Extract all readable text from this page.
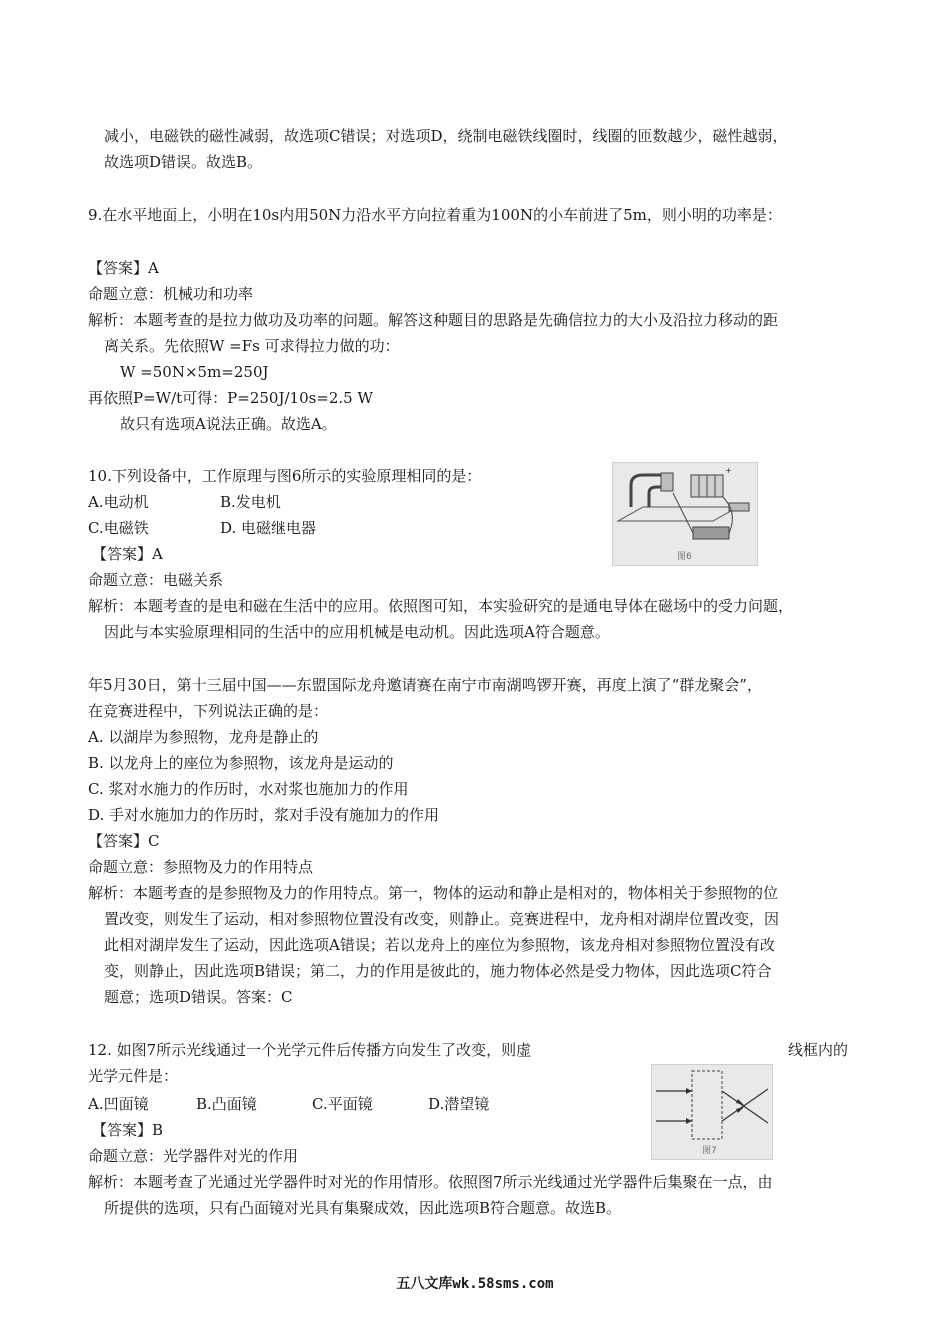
减小，电磁铁的磁性减弱，故选项C错误；对选项D，绕制电磁铁线圈时，线圈的匝数越少，磁性越弱，
故选项D错误。故选B。
9.在水平地面上，小明在10s内用50N力沿水平方向拉着重为100N的小车前进了5m，则小明的功率是：
【答案】A
命题立意：机械功和功率
解析：本题考查的是拉力做功及功率的问题。解答这种题目的思路是先确信拉力的大小及沿拉力移动的距
离关系。先依照W =Fs 可求得拉力做的功：
W =50N×5m=250J
再依照P=W/t可得：P=250J/10s=2.5 W
故只有选项A说法正确。故选A。
10.下列设备中，工作原理与图6所示的实验原理相同的是：
A.电动机	B.发电机
C.电磁铁	D. 电磁继电器
【答案】A
命题立意：电磁关系
解析：本题考查的是电和磁在生活中的应用。依照图可知，本实验研究的是通电导体在磁场中的受力问题，
因此与本实验原理相同的生活中的应用机械是电动机。因此选项A符合题意。
+
图6
年5月30日，第十三届中国——东盟国际龙舟邀请赛在南宁市南湖鸣锣开赛，再度上演了“群龙聚会”，
在竞赛进程中，下列说法正确的是：
A. 以湖岸为参照物，龙舟是静止的
B. 以龙舟上的座位为参照物，该龙舟是运动的
C. 浆对水施力的作历时，水对浆也施加力的作用
D. 手对水施加力的作历时，浆对手没有施加力的作用
【答案】C
命题立意：参照物及力的作用特点
解析：本题考查的是参照物及力的作用特点。第一，物体的运动和静止是相对的，物体相关于参照物的位
置改变，则发生了运动，相对参照物位置没有改变，则静止。竞赛进程中，龙舟相对湖岸位置改变，因
此相对湖岸发生了运动，因此选项A错误；若以龙舟上的座位为参照物，该龙舟相对参照物位置没有改
变，则静止，因此选项B错误；第二，力的作用是彼此的，施力物体必然是受力物体，因此选项C符合
题意；选项D错误。答案：C
12. 如图7所示光线通过一个光学元件后传播方向发生了改变，则虚	线框内的
光学元件是：
A.凹面镜	B.凸面镜	C.平面镜	D.潜望镜
【答案】B
命题立意：光学器件对光的作用
解析：本题考查了光通过光学器件时对光的作用情形。依照图7所示光线通过光学器件后集聚在一点，由
所提供的选项，只有凸面镜对光具有集聚成效，因此选项B符合题意。故选B。
图7
五八文库wk.58sms.com
